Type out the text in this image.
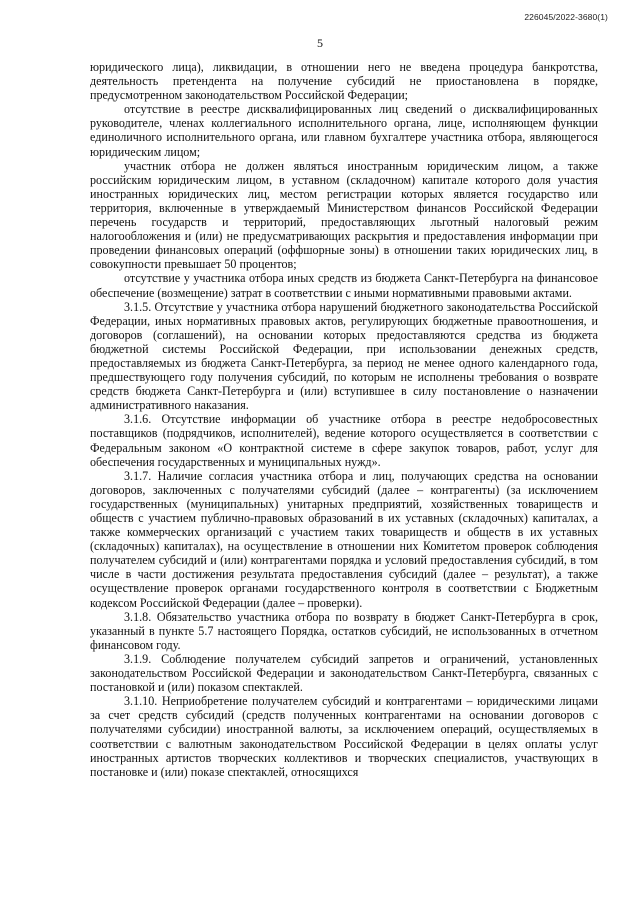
226045/2022-3680(1)
5

юридического лица), ликвидации, в отношении него не введена процедура банкротства, деятельность претендента на получение субсидий не приостановлена в порядке, предусмотренном законодательством Российской Федерации;

отсутствие в реестре дисквалифицированных лиц сведений о дисквалифицированных руководителе, членах коллегиального исполнительного органа, лице, исполняющем функции единоличного исполнительного органа, или главном бухгалтере участника отбора, являющегося юридическим лицом;

участник отбора не должен являться иностранным юридическим лицом, а также российским юридическим лицом, в уставном (складочном) капитале которого доля участия иностранных юридических лиц, местом регистрации которых является государство или территория, включенные в утверждаемый Министерством финансов Российской Федерации перечень государств и территорий, предоставляющих льготный налоговый режим налогообложения и (или) не предусматривающих раскрытия и предоставления информации при проведении финансовых операций (оффшорные зоны) в отношении таких юридических лиц, в совокупности превышает 50 процентов;

отсутствие у участника отбора иных средств из бюджета Санкт-Петербурга на финансовое обеспечение (возмещение) затрат в соответствии с иными нормативными правовыми актами.

3.1.5. Отсутствие у участника отбора нарушений бюджетного законодательства Российской Федерации, иных нормативных правовых актов, регулирующих бюджетные правоотношения, и договоров (соглашений), на основании которых предоставляются средства из бюджета бюджетной системы Российской Федерации, при использовании денежных средств, предоставляемых из бюджета Санкт-Петербурга, за период не менее одного календарного года, предшествующего году получения субсидий, по которым не исполнены требования о возврате средств бюджета Санкт-Петербурга и (или) вступившее в силу постановление о назначении административного наказания.

3.1.6. Отсутствие информации об участнике отбора в реестре недобросовестных поставщиков (подрядчиков, исполнителей), ведение которого осуществляется в соответствии с Федеральным законом «О контрактной системе в сфере закупок товаров, работ, услуг для обеспечения государственных и муниципальных нужд».

3.1.7. Наличие согласия участника отбора и лиц, получающих средства на основании договоров, заключенных с получателями субсидий (далее – контрагенты) (за исключением государственных (муниципальных) унитарных предприятий, хозяйственных товариществ и обществ с участием публично-правовых образований в их уставных (складочных) капиталах, а также коммерческих организаций с участием таких товариществ и обществ в их уставных (складочных) капиталах), на осуществление в отношении них Комитетом проверок соблюдения получателем субсидий и (или) контрагентами порядка и условий предоставления субсидий, в том числе в части достижения результата предоставления субсидий (далее – результат), а также осуществление проверок органами государственного контроля в соответствии с Бюджетным кодексом Российской Федерации (далее – проверки).

3.1.8. Обязательство участника отбора по возврату в бюджет Санкт-Петербурга в срок, указанный в пункте 5.7 настоящего Порядка, остатков субсидий, не использованных в отчетном финансовом году.

3.1.9. Соблюдение получателем субсидий запретов и ограничений, установленных законодательством Российской Федерации и законодательством Санкт-Петербурга, связанных с постановкой и (или) показом спектаклей.

3.1.10. Неприобретение получателем субсидий и контрагентами – юридическими лицами за счет средств субсидий (средств полученных контрагентами на основании договоров с получателями субсидии) иностранной валюты, за исключением операций, осуществляемых в соответствии с валютным законодательством Российской Федерации в целях оплаты услуг иностранных артистов творческих коллективов и творческих специалистов, участвующих в постановке и (или) показе спектаклей, относящихся
